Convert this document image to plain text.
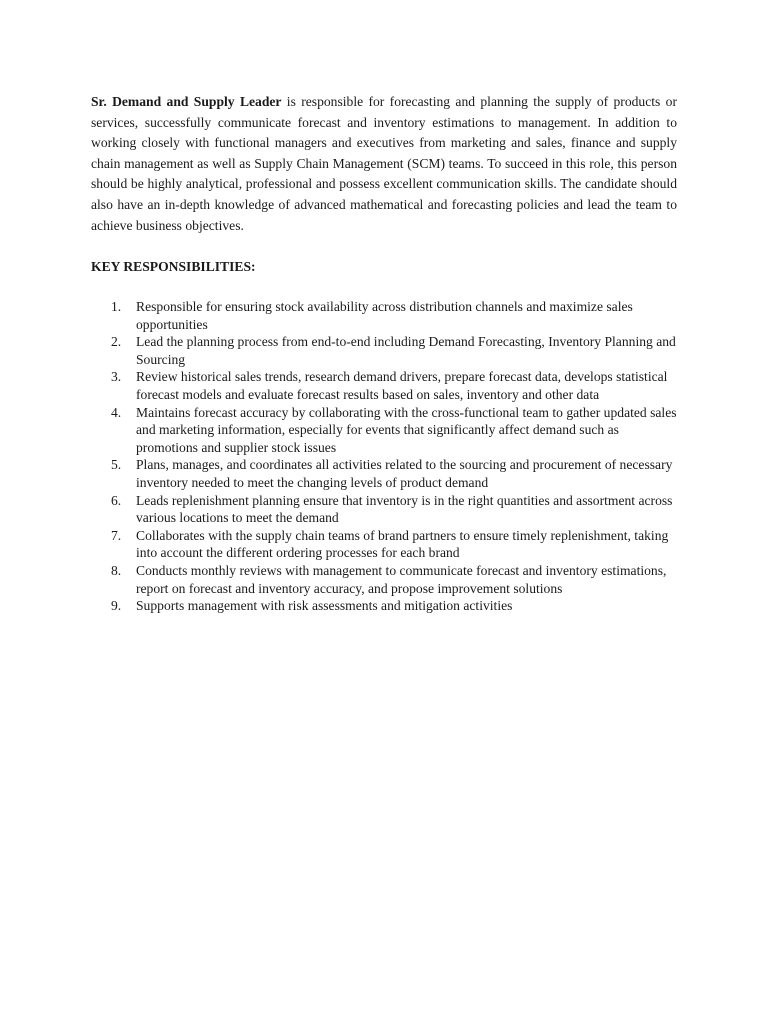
Sr. Demand and Supply Leader is responsible for forecasting and planning the supply of products or services, successfully communicate forecast and inventory estimations to management. In addition to working closely with functional managers and executives from marketing and sales, finance and supply chain management as well as Supply Chain Management (SCM) teams. To succeed in this role, this person should be highly analytical, professional and possess excellent communication skills. The candidate should also have an in-depth knowledge of advanced mathematical and forecasting policies and lead the team to achieve business objectives.

KEY RESPONSIBILITIES:
1. Responsible for ensuring stock availability across distribution channels and maximize sales opportunities
2. Lead the planning process from end-to-end including Demand Forecasting, Inventory Planning and Sourcing
3. Review historical sales trends, research demand drivers, prepare forecast data, develops statistical forecast models and evaluate forecast results based on sales, inventory and other data
4. Maintains forecast accuracy by collaborating with the cross-functional team to gather updated sales and marketing information, especially for events that significantly affect demand such as promotions and supplier stock issues
5. Plans, manages, and coordinates all activities related to the sourcing and procurement of necessary inventory needed to meet the changing levels of product demand
6. Leads replenishment planning ensure that inventory is in the right quantities and assortment across various locations to meet the demand
7. Collaborates with the supply chain teams of brand partners to ensure timely replenishment, taking into account the different ordering processes for each brand
8. Conducts monthly reviews with management to communicate forecast and inventory estimations, report on forecast and inventory accuracy, and propose improvement solutions
9. Supports management with risk assessments and mitigation activities
